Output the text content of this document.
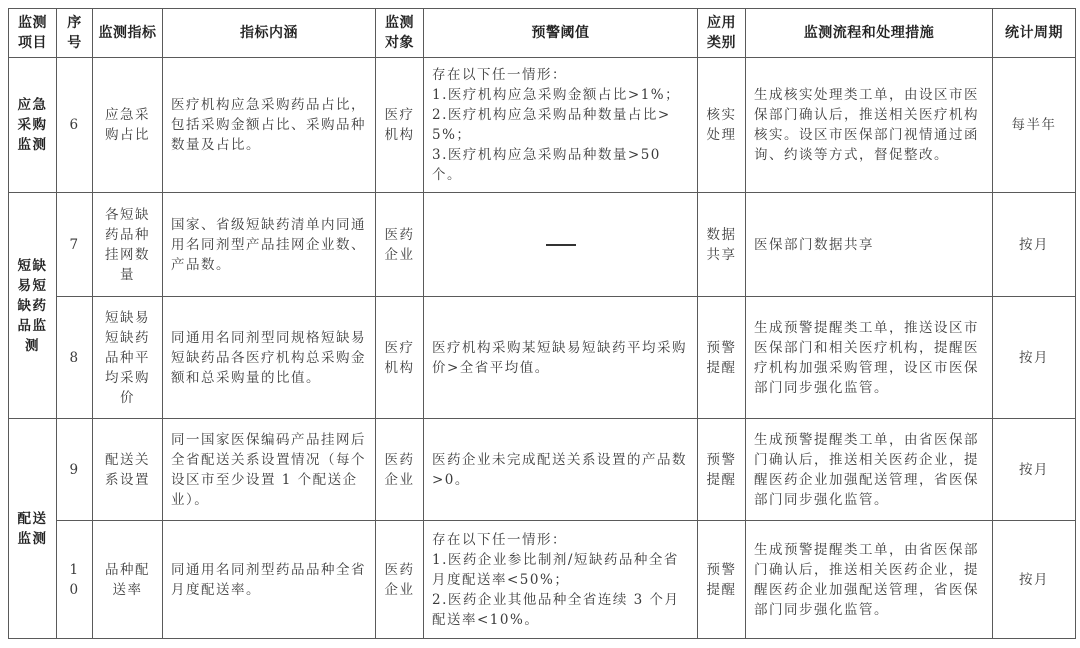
监测项目	序号	监测指标	指标内涵	监测对象	预警阈值	应用类别	监测流程和处理措施	统计周期
应急采购监测	6	应急采购占比	医疗机构应急采购药品占比，包括采购金额占比、采购品种数量及占比。	医疗机构	存在以下任一情形：
1.医疗机构应急采购金额占比>1%；
2.医疗机构应急采购品种数量占比>5%；
3.医疗机构应急采购品种数量>50 个。	核实处理	生成核实处理类工单，由设区市医保部门确认后，推送相关医疗机构核实。设区市医保部门视情通过函询、约谈等方式，督促整改。	每半年
短缺易短缺药品监测	7	各短缺药品种挂网数量	国家、省级短缺药清单内同通用名同剂型产品挂网企业数、产品数。	医药企业		数据共享	医保部门数据共享	按月
	8	短缺易短缺药品种平均采购价	同通用名同剂型同规格短缺易短缺药品各医疗机构总采购金额和总采购量的比值。	医疗机构	医疗机构采购某短缺易短缺药平均采购价>全省平均值。	预警提醒	生成预警提醒类工单，推送设区市医保部门和相关医疗机构，提醒医疗机构加强采购管理，设区市医保部门同步强化监管。	按月
配送监测	9	配送关系设置	同一国家医保编码产品挂网后全省配送关系设置情况（每个设区市至少设置 1 个配送企业）。	医药企业	医药企业未完成配送关系设置的产品数>0。	预警提醒	生成预警提醒类工单，由省医保部门确认后，推送相关医药企业，提醒医药企业加强配送管理，省医保部门同步强化监管。	按月
	10	品种配送率	同通用名同剂型药品品种全省月度配送率。	医药企业	存在以下任一情形：
1.医药企业参比制剂/短缺药品种全省月度配送率<50%；
2.医药企业其他品种全省连续 3 个月配送率<10%。	预警提醒	生成预警提醒类工单，由省医保部门确认后，推送相关医药企业，提醒医药企业加强配送管理，省医保部门同步强化监管。	按月
